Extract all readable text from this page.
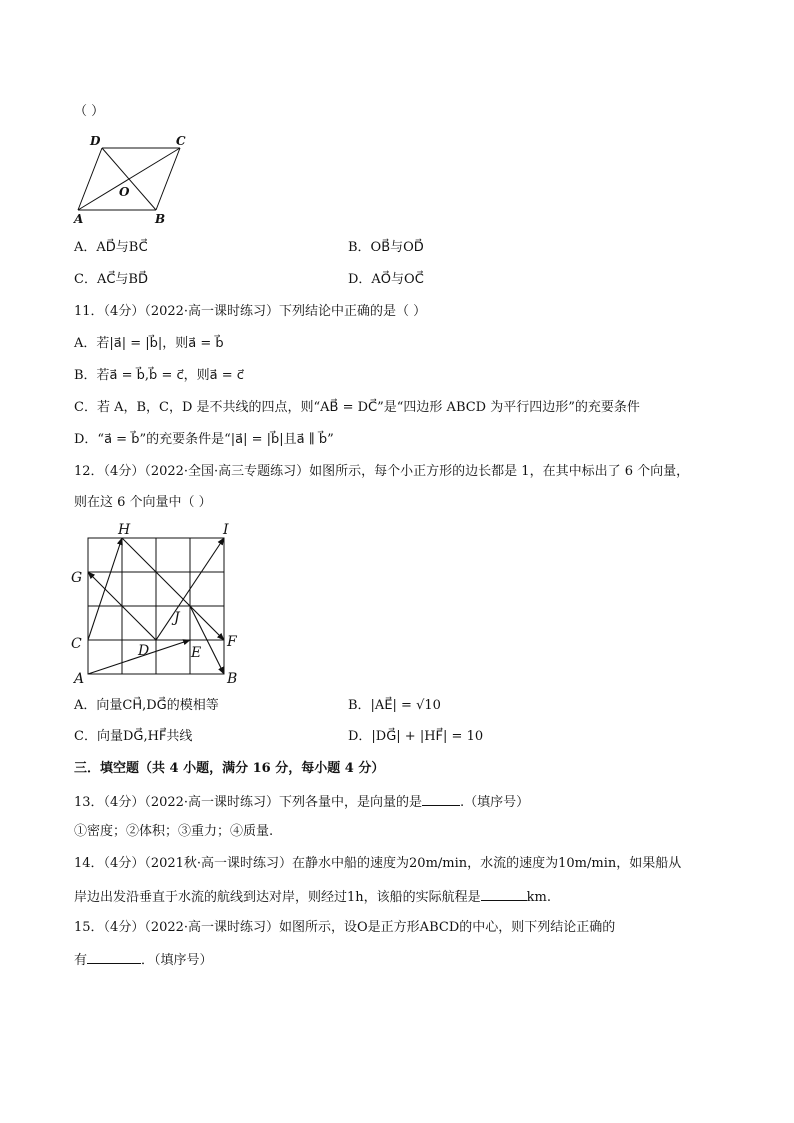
（ ）
D	C
O
A	B
A．AD⃗与BC⃗	B．OB⃗与OD⃗
C．AC⃗与BD⃗	D．AO⃗与OC⃗
11．（4分）（2022·高一课时练习）下列结论中正确的是（ ）
A．若|a⃗| = |b⃗|，则a⃗ = b⃗
B．若a⃗ = b⃗,b⃗ = c⃗，则a⃗ = c⃗
C．若 A，B，C，D 是不共线的四点，则“AB⃗ = DC⃗”是“四边形 ABCD 为平行四边形”的充要条件
D．“a⃗ = b⃗”的充要条件是“|a⃗| = |b⃗|且a⃗ ∥ b⃗”
12．（4分）（2022·全国·高三专题练习）如图所示，每个小正方形的边长都是 1，在其中标出了 6 个向量，
则在这 6 个向量中（ ）
H	I
G
J
C	F
D	E
A	B
A．向量CH⃗,DG⃗的模相等	B．|AE⃗| = √10
C．向量DG⃗,HF⃗共线	D．|DG⃗| + |HF⃗| = 10
三．填空题（共 4 小题，满分 16 分，每小题 4 分）
13．（4分）（2022·高一课时练习）下列各量中，是向量的是	.（填序号）
①密度；②体积；③重力；④质量.
14．（4分）（2021秋·高一课时练习）在静水中船的速度为20m/min，水流的速度为10m/min，如果船从
岸边出发沿垂直于水流的航线到达对岸，则经过1h，该船的实际航程是	km.
15．（4分）（2022·高一课时练习）如图所示，设O是正方形ABCD的中心，则下列结论正确的
有	．（填序号）
